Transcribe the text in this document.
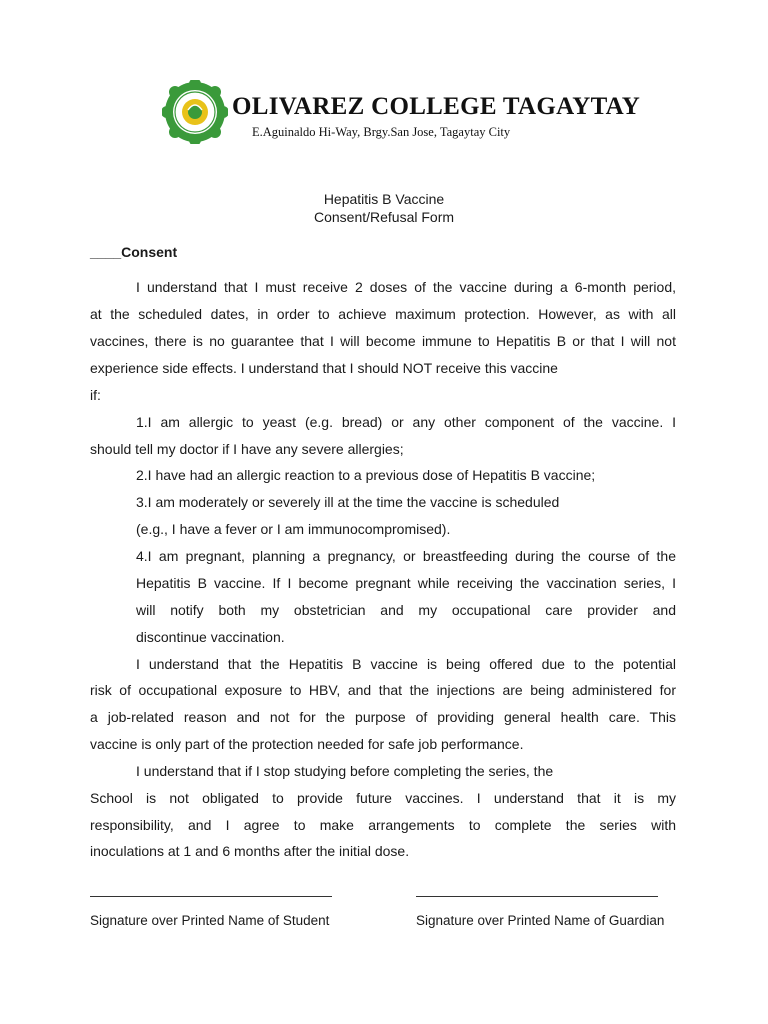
OLIVAREZ COLLEGE TAGAYTAY
E.Aguinaldo Hi-Way, Brgy.San Jose, Tagaytay City
Hepatitis B Vaccine
Consent/Refusal Form
____Consent
I understand that I must receive 2 doses of the vaccine during a 6-month period,
at the scheduled dates, in order to achieve maximum protection. However, as with all
vaccines, there is no guarantee that I will become immune to Hepatitis B or that I will not
experience side effects. I understand that I should NOT receive this vaccine
if:
1.I am allergic to yeast (e.g. bread) or any other component of the vaccine. I
should tell my doctor if I have any severe allergies;
2.I have had an allergic reaction to a previous dose of Hepatitis B vaccine;
3.I am moderately or severely ill at the time the vaccine is scheduled
(e.g., I have a fever or I am immunocompromised).
4.I am pregnant, planning a pregnancy, or breastfeeding during the course of the
Hepatitis B vaccine. If I become pregnant while receiving the vaccination series, I
will notify both my obstetrician and my occupational care provider and
discontinue vaccination.
I understand that the Hepatitis B vaccine is being offered due to the potential
risk of occupational exposure to HBV, and that the injections are being administered for
a job-related reason and not for the purpose of providing general health care. This
vaccine is only part of the protection needed for safe job performance.
I understand that if I stop studying before completing the series, the
School is not obligated to provide future vaccines. I understand that it is my
responsibility, and I agree to make arrangements to complete the series with
inoculations at 1 and 6 months after the initial dose.
Signature over Printed Name of Student	Signature over Printed Name of Guardian
